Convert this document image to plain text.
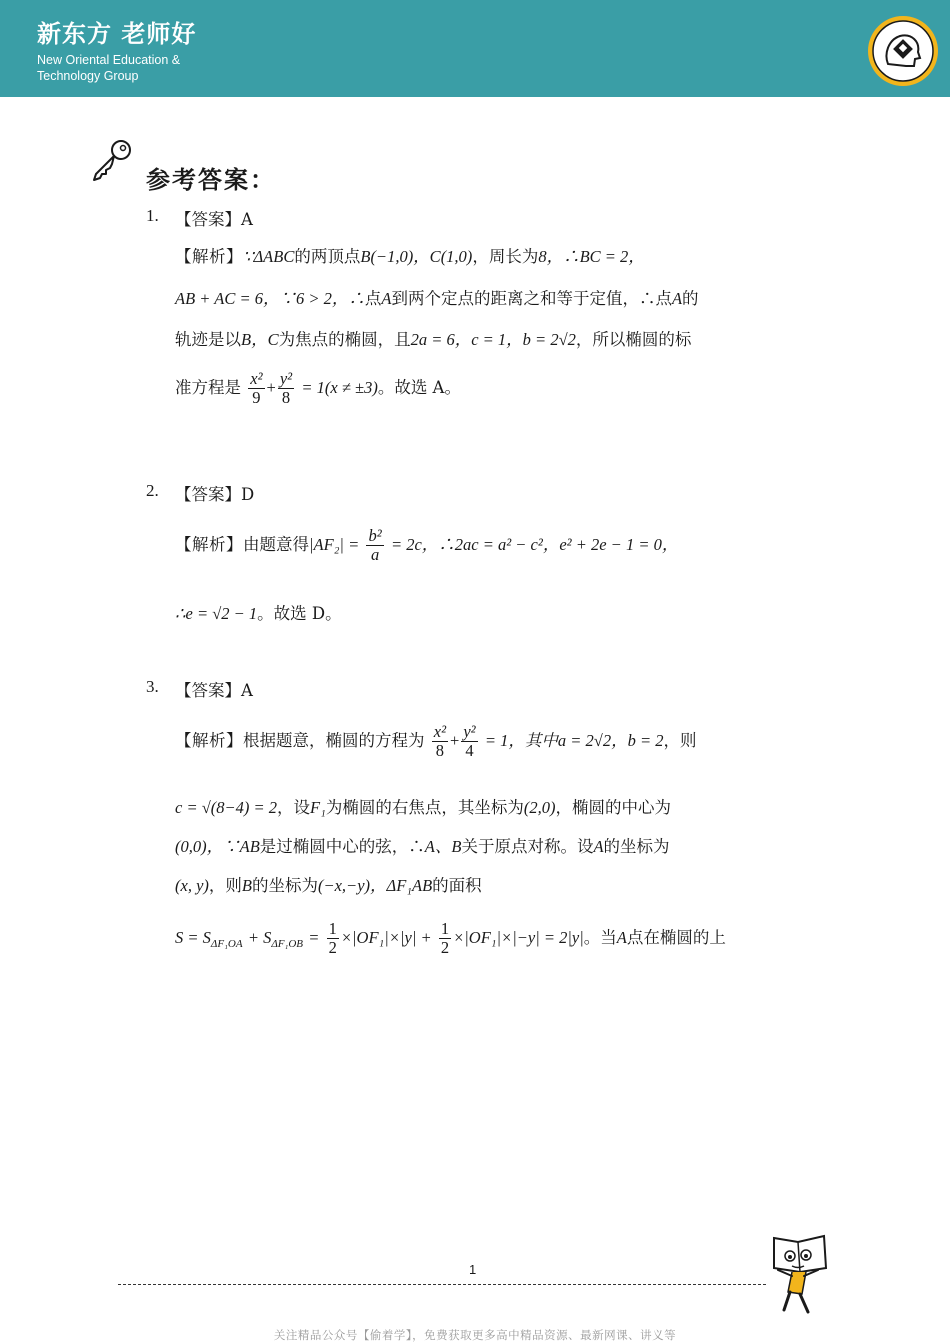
新东方 老师好
New Oriental Education &
Technology Group
参考答案：
1. 【答案】A
【解析】∵ΔABC的两顶点B(−1,0)，C(1,0)，周长为8，∴BC = 2，
AB + AC = 6，∵6 > 2，∴点A到两个定点的距离之和等于定值，∴点A的
轨迹是以B，C为焦点的椭圆，且2a = 6，c = 1，b = 2√2，所以椭圆的标
准方程是 $\frac{\text{x²}}{9} + \frac{\text{y²}}{8} = 1(x \ne \pm 3)$。故选 A。
2. 【答案】D
【解析】由题意得$|AF_2| = \frac{\text{b²}}{a} = 2c$，∴2ac = a² − c²，e² + 2e − 1 = 0，
∴e = √2 − 1。故选 D。
3. 【答案】A
【解析】根据题意，椭圆的方程为 $\frac{\text{x²}}{8} + \frac{\text{y²}}{4} = 1$，其中a = 2√2，b = 2，则
c = √(8−4) = 2，设F₁为椭圆的右焦点，其坐标为(2,0)，椭圆的中心为
(0,0)，∵AB是过椭圆中心的弦，∴A、B关于原点对称。设A的坐标为
(x, y)，则B的坐标为(−x,−y)，ΔF₁AB的面积
$S = S_{\Delta F_1OA} + S_{\Delta F_1OB} = \frac{1}{2} \times|OF_1|\times|y| + \frac{1}{2} \times|OF_1|\times|-y| = 2|y|$。当A点在椭圆的上
1
关注精品公众号【偷着学】，免费获取更多高中精品资源、最新网课、讲义等
